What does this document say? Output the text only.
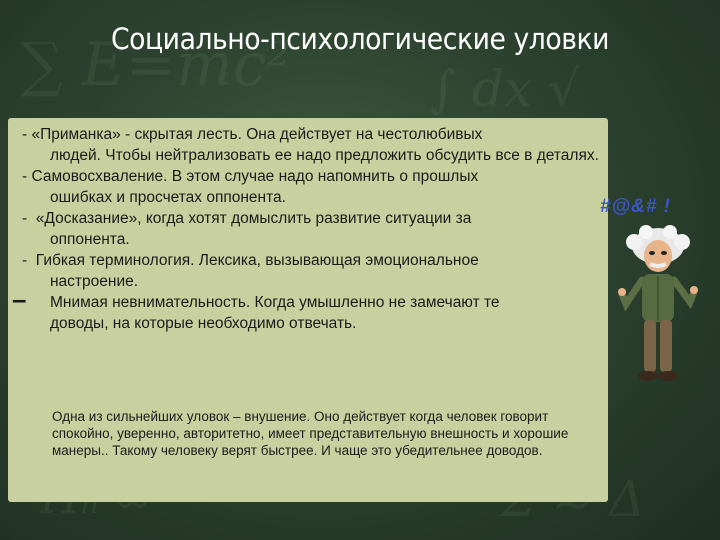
∑ E=mc²	∫ dx √
Δ
Социально-психологические уловки
- «Приманка» - скрытая лесть. Она действует на честолюбивых
людей. Чтобы нейтрализовать ее надо предложить обсудить все в деталях.
- Самовосхваление. В этом случае надо напомнить о прошлых
ошибках и просчетах оппонента.
- «Досказание», когда хотят домыслить развитие ситуации за
оппонента.
- Гибкая терминология. Лексика, вызывающая эмоциональное
настроение.
–	Мнимая невнимательность. Когда умышленно не замечают те
доводы, на которые необходимо отвечать.
Одна из сильнейших уловок – внушение. Оно действует когда человек говорит спокойно, уверенно, авторитетно, имеет представительную внешность и хорошие манеры.. Такому человеку верят быстрее. И чаще это убедительнее доводов.
#@&# !
